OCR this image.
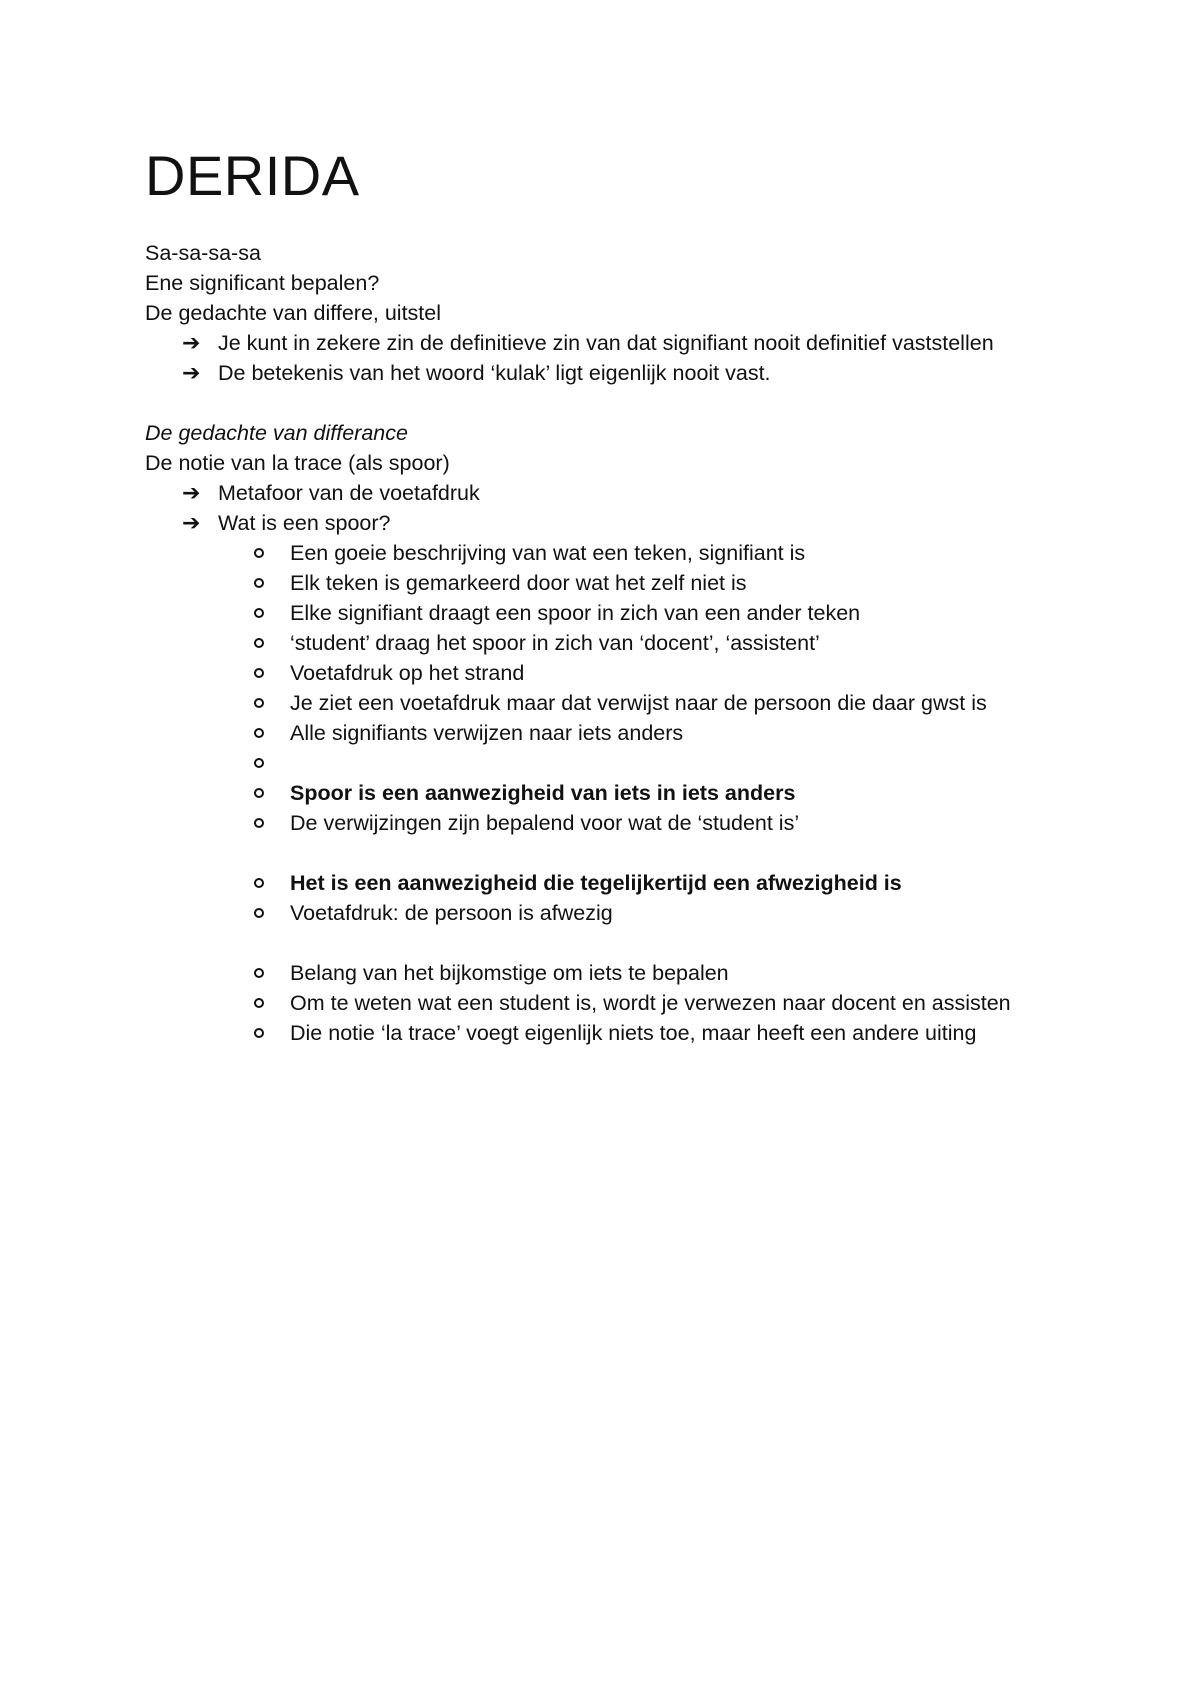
DERIDA
Sa-sa-sa-sa
Ene significant bepalen?
De gedachte van differe, uitstel
➔ Je kunt in zekere zin de definitieve zin van dat signifiant nooit definitief vaststellen
➔ De betekenis van het woord ‘kulak’ ligt eigenlijk nooit vast.
De gedachte van differance
De notie van la trace (als spoor)
➔ Metafoor van de voetafdruk
➔ Wat is een spoor?
Een goeie beschrijving van wat een teken, signifiant is
Elk teken is gemarkeerd door wat het zelf niet is
Elke signifiant draagt een spoor in zich van een ander teken
‘student’ draag het spoor in zich van ‘docent’, ‘assistent’
Voetafdruk op het strand
Je ziet een voetafdruk maar dat verwijst naar de persoon die daar gwst is
Alle signifiants verwijzen naar iets anders
Spoor is een aanwezigheid van iets in iets anders
De verwijzingen zijn bepalend voor wat de ‘student is’
Het is een aanwezigheid die tegelijkertijd een afwezigheid is
Voetafdruk: de persoon is afwezig
Belang van het bijkomstige om iets te bepalen
Om te weten wat een student is, wordt je verwezen naar docent en assisten
Die notie ‘la trace’ voegt eigenlijk niets toe, maar heeft een andere uiting
